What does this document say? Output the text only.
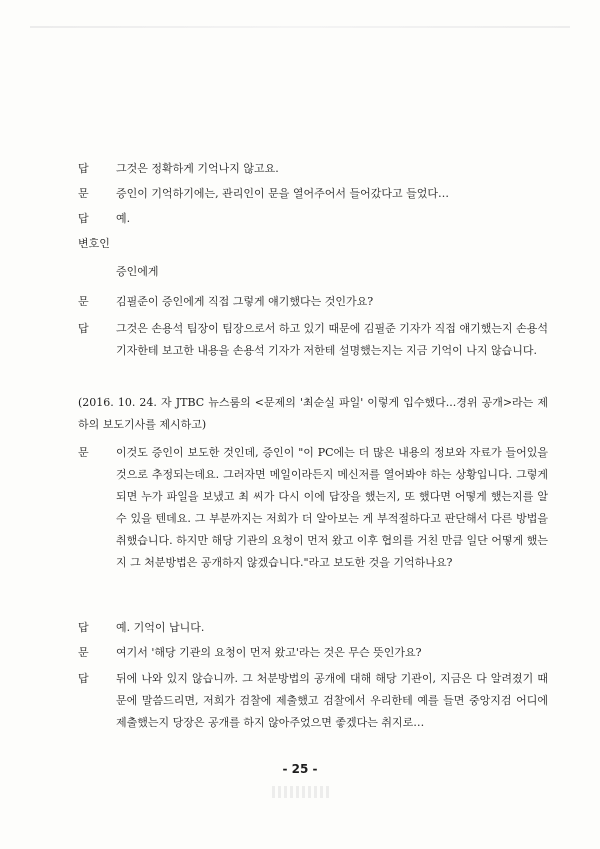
답	그것은 정확하게 기억나지 않고요.
문	증인이 기억하기에는, 관리인이 문을 열어주어서 들어갔다고 들었다…
답	예.
변호인
증인에게
문	김필준이 증인에게 직접 그렇게 얘기했다는 것인가요?
답	그것은 손용석 팀장이 팀장으로서 하고 있기 때문에 김필준 기자가 직접 얘기했는지 손용석 기자한테 보고한 내용을 손용석 기자가 저한테 설명했는지는 지금 기억이 나지 않습니다.
(2016. 10. 24. 자 JTBC 뉴스룸의 <문제의 '최순실 파일' 이렇게 입수했다...경위 공개>라는 제하의 보도기사를 제시하고)
문	이것도 증인이 보도한 것인데, 증인이 "이 PC에는 더 많은 내용의 정보와 자료가 들어있을 것으로 추정되는데요. 그러자면 메일이라든지 메신저를 열어봐야 하는 상황입니다. 그렇게 되면 누가 파일을 보냈고 최 씨가 다시 이에 답장을 했는지, 또 했다면 어떻게 했는지를 알 수 있을 텐데요. 그 부분까지는 저희가 더 알아보는 게 부적절하다고 판단해서 다른 방법을 취했습니다. 하지만 해당 기관의 요청이 먼저 왔고 이후 협의를 거친 만큼 일단 어떻게 했는지 그 처분방법은 공개하지 않겠습니다."라고 보도한 것을 기억하나요?
답	예. 기억이 납니다.
문	여기서 '해당 기관의 요청이 먼저 왔고'라는 것은 무슨 뜻인가요?
답	뒤에 나와 있지 않습니까. 그 처분방법의 공개에 대해 해당 기관이, 지금은 다 알려졌기 때문에 말씀드리면, 저희가 검찰에 제출했고 검찰에서 우리한테 예를 들면 중앙지검 어디에 제출했는지 당장은 공개를 하지 않아주었으면 좋겠다는 취지로…
- 25 -
